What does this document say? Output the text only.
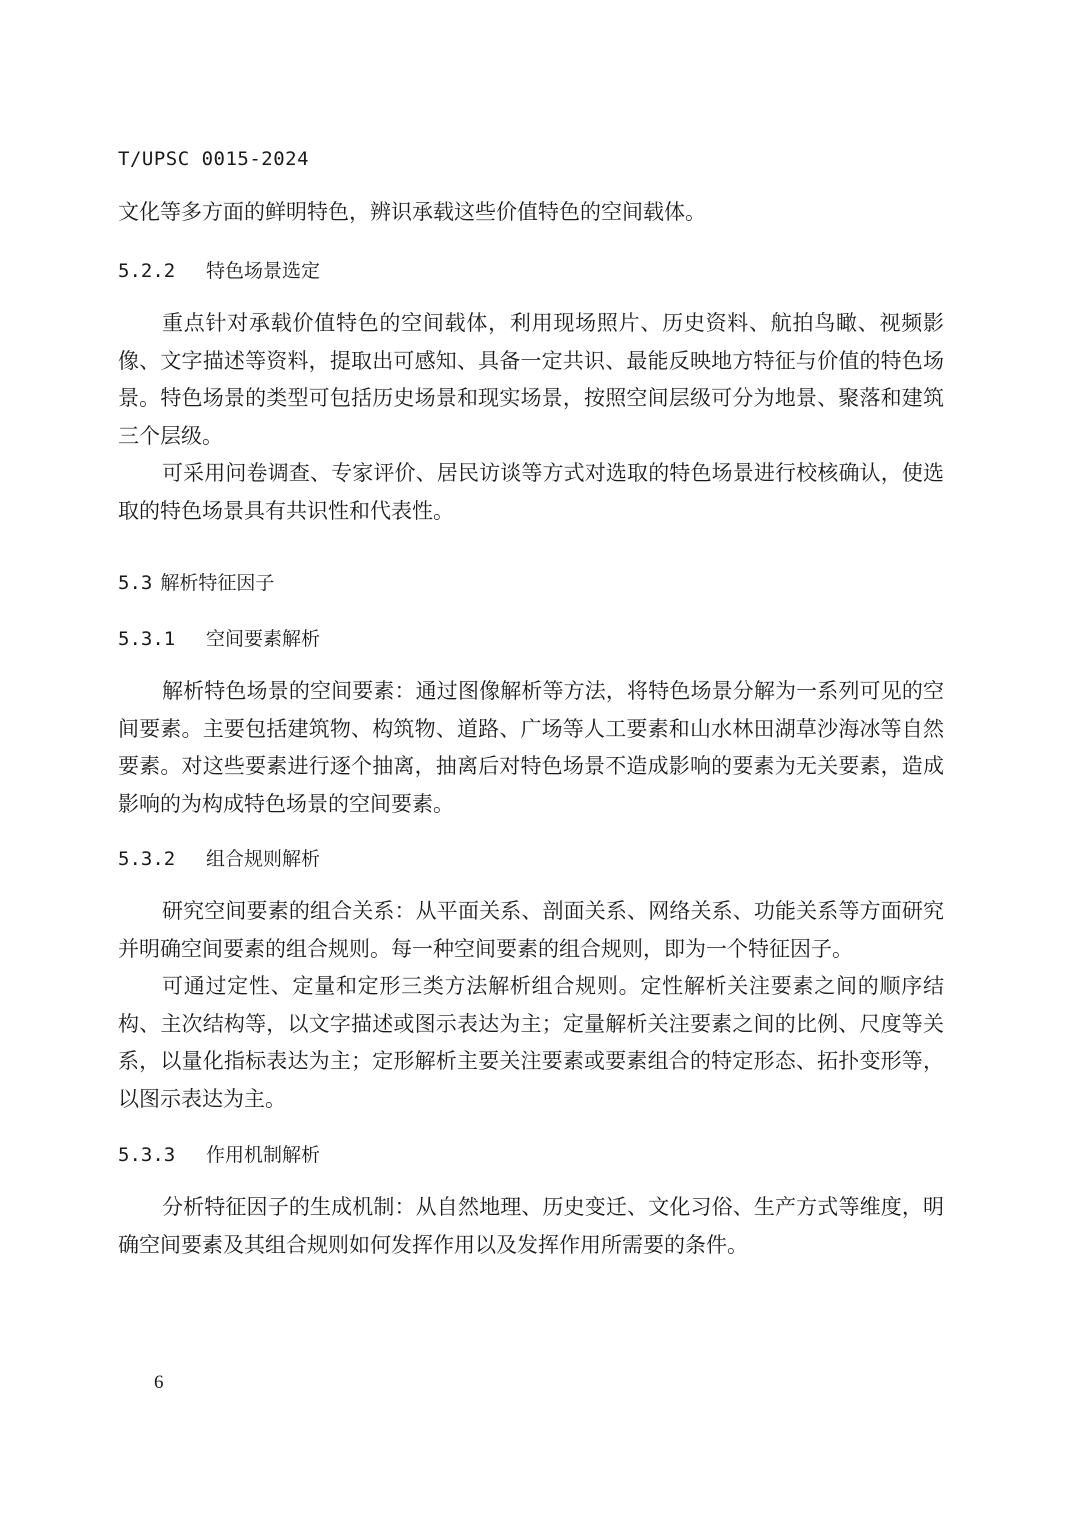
T/UPSC 0015-2024

文化等多方面的鲜明特色，辨识承载这些价值特色的空间载体。

5.2.2 特色场景选定

重点针对承载价值特色的空间载体，利用现场照片、历史资料、航拍鸟瞰、视频影像、文字描述等资料，提取出可感知、具备一定共识、最能反映地方特征与价值的特色场景。特色场景的类型可包括历史场景和现实场景，按照空间层级可分为地景、聚落和建筑三个层级。

可采用问卷调查、专家评价、居民访谈等方式对选取的特色场景进行校核确认，使选取的特色场景具有共识性和代表性。

5.3 解析特征因子
5.3.1 空间要素解析

解析特色场景的空间要素：通过图像解析等方法，将特色场景分解为一系列可见的空间要素。主要包括建筑物、构筑物、道路、广场等人工要素和山水林田湖草沙海冰等自然要素。对这些要素进行逐个抽离，抽离后对特色场景不造成影响的要素为无关要素，造成影响的为构成特色场景的空间要素。

5.3.2 组合规则解析

研究空间要素的组合关系：从平面关系、剖面关系、网络关系、功能关系等方面研究并明确空间要素的组合规则。每一种空间要素的组合规则，即为一个特征因子。

可通过定性、定量和定形三类方法解析组合规则。定性解析关注要素之间的顺序结构、主次结构等，以文字描述或图示表达为主；定量解析关注要素之间的比例、尺度等关系，以量化指标表达为主；定形解析主要关注要素或要素组合的特定形态、拓扑变形等，以图示表达为主。

5.3.3 作用机制解析

分析特征因子的生成机制：从自然地理、历史变迁、文化习俗、生产方式等维度，明确空间要素及其组合规则如何发挥作用以及发挥作用所需要的条件。

6
